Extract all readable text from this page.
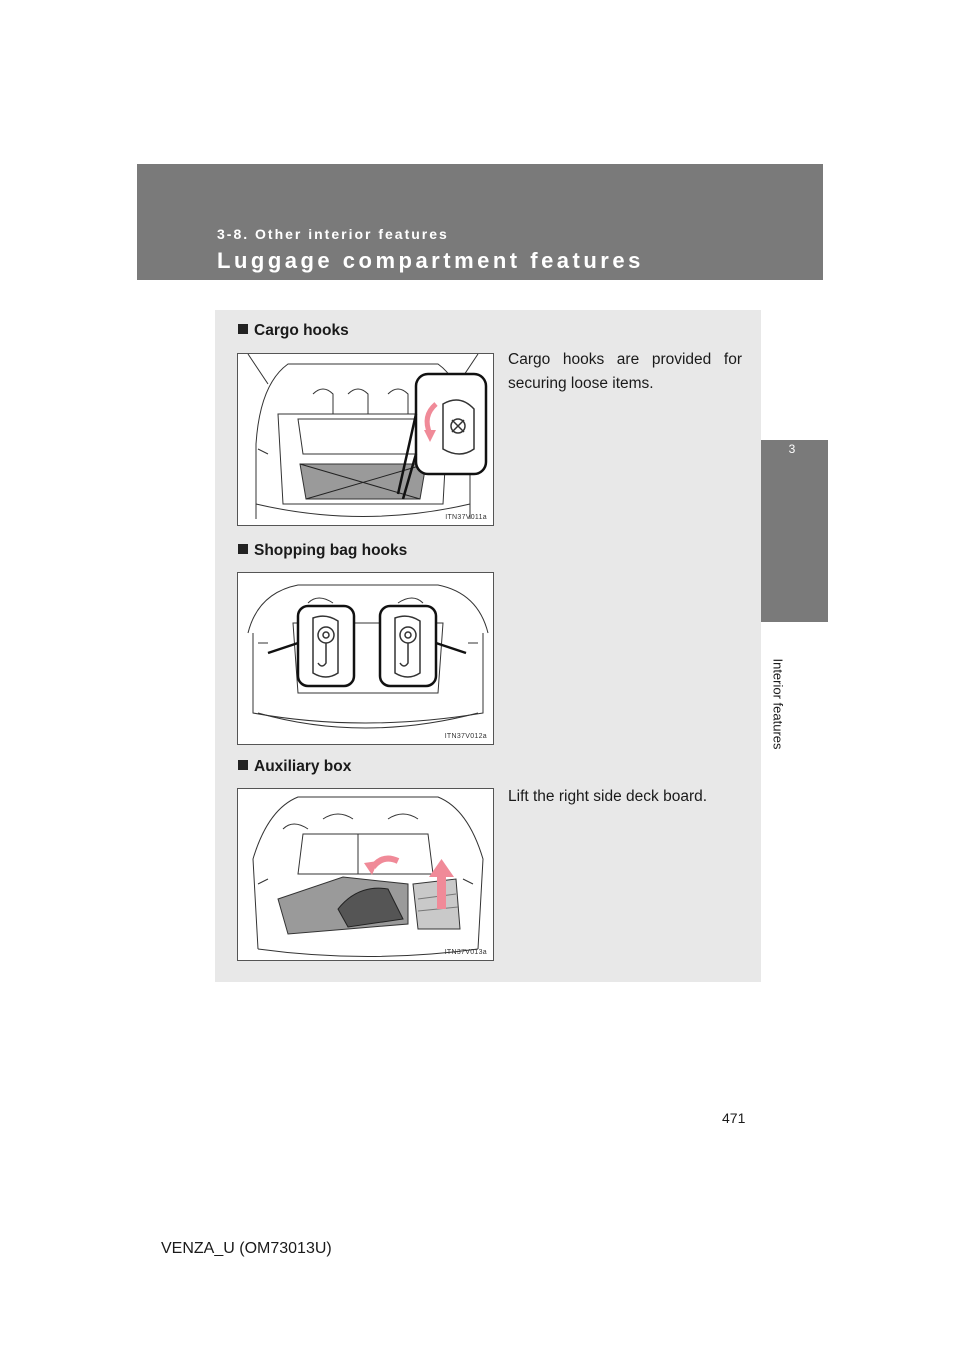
3-8. Other interior features
Luggage compartment features
3
Interior features
Cargo hooks
Cargo hooks are provided for securing loose items.
ITN37V011a
Shopping bag hooks
ITN37V012a
Auxiliary box
Lift the right side deck board.
ITN37V013a
471
VENZA_U (OM73013U)
